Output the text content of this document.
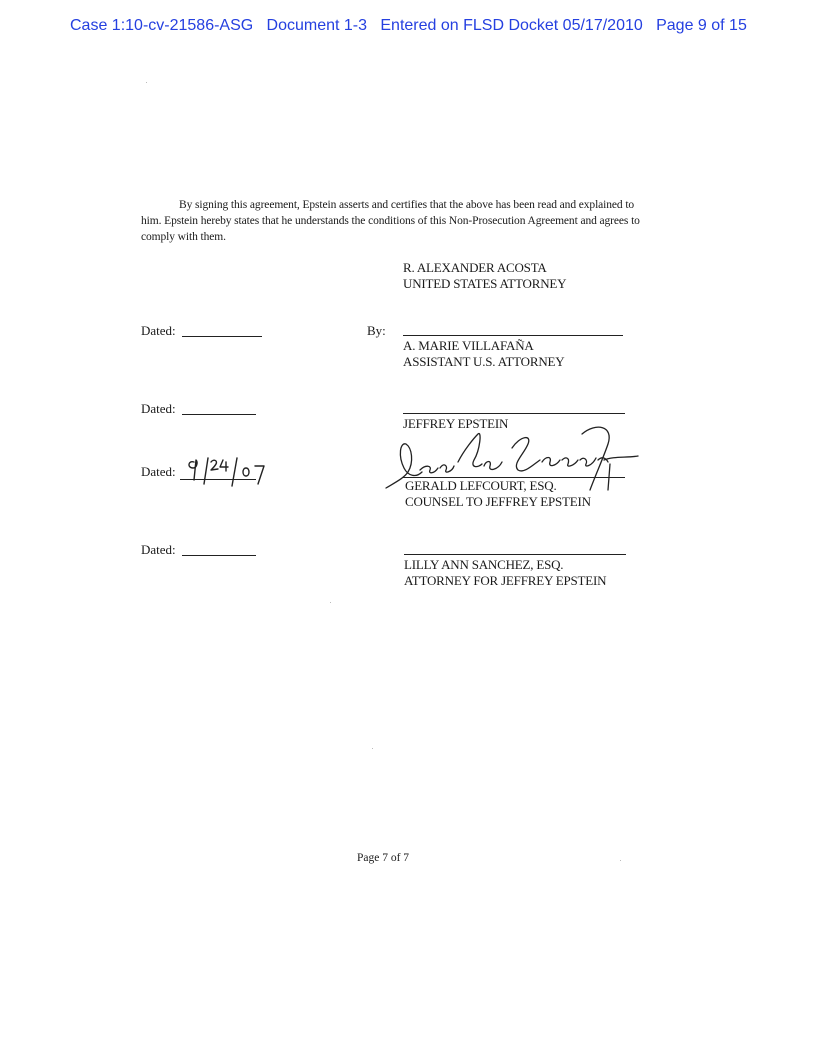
Case 1:10-cv-21586-ASG   Document 1-3   Entered on FLSD Docket 05/17/2010   Page 9 of 15
By signing this agreement, Epstein asserts and certifies that the above has been read and explained to him. Epstein hereby states that he understands the conditions of this Non-Prosecution Agreement and agrees to comply with them.
R. ALEXANDER ACOSTA
UNITED STATES ATTORNEY
Dated:	By:
A. MARIE VILLAFAÑA
ASSISTANT U.S. ATTORNEY
Dated:
JEFFREY EPSTEIN
Dated:
GERALD LEFCOURT, ESQ.
COUNSEL TO JEFFREY EPSTEIN
Dated:
LILLY ANN SANCHEZ, ESQ.
ATTORNEY FOR JEFFREY EPSTEIN
Page 7 of 7
